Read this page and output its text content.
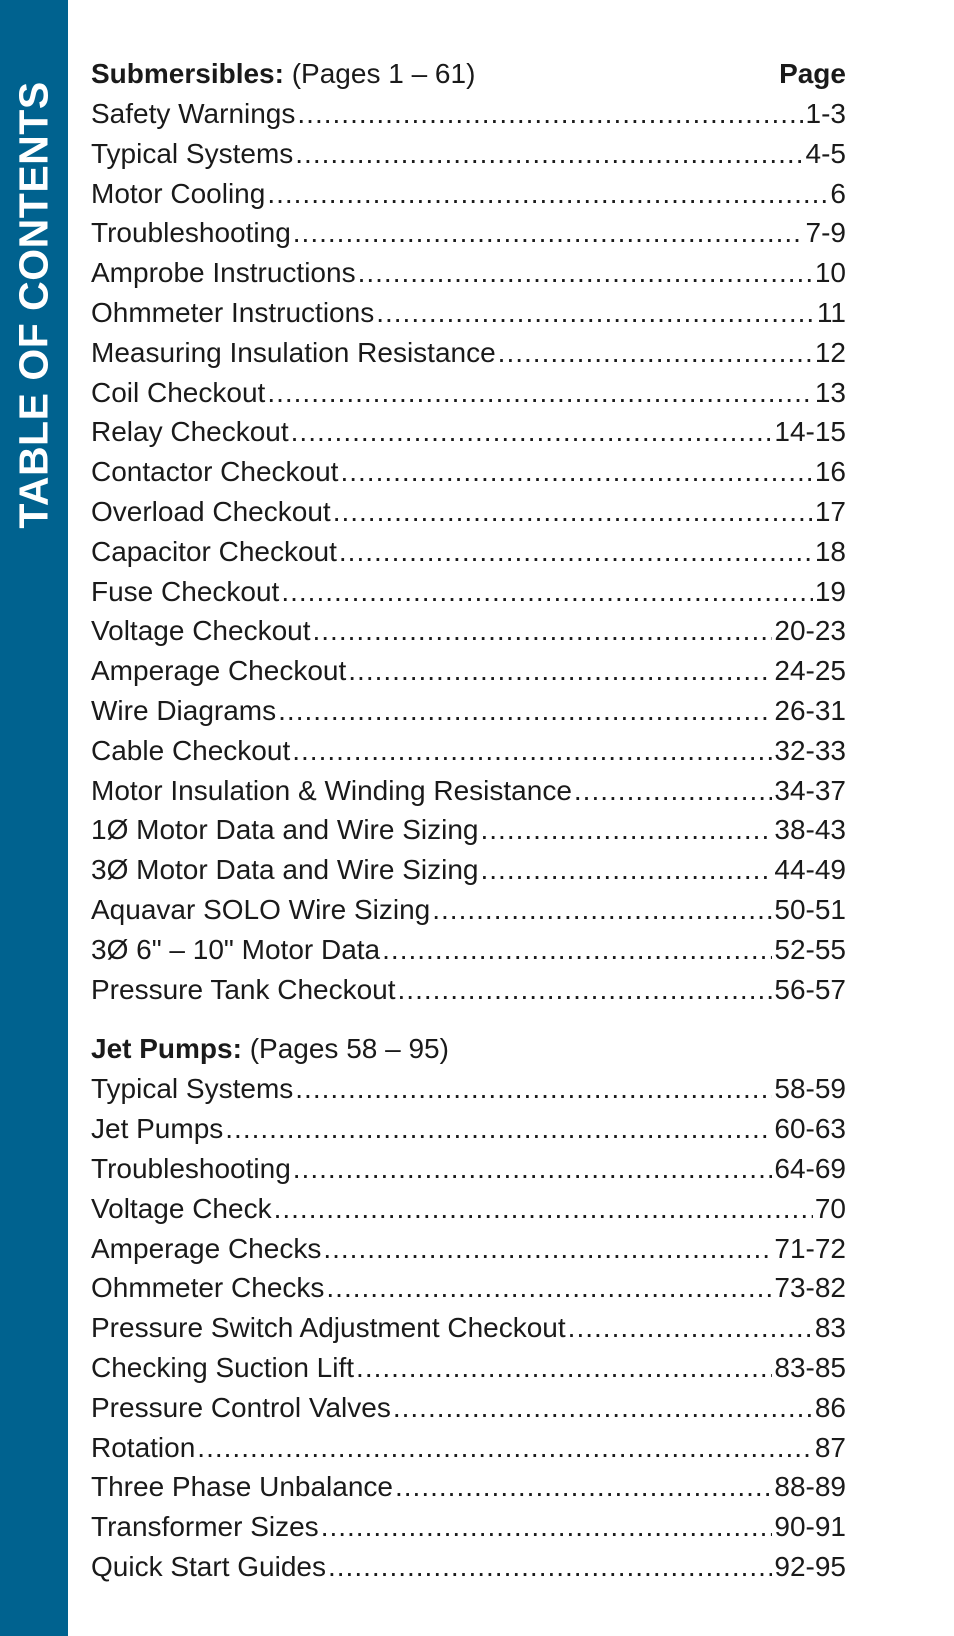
TABLE OF CONTENTS
Submersibles: (Pages 1 – 61)	Page
Safety Warnings .....	1-3
Typical Systems .....	4-5
Motor Cooling .....	6
Troubleshooting .....	7-9
Amprobe Instructions .....	10
Ohmmeter Instructions .....	11
Measuring Insulation Resistance .....	12
Coil Checkout .....	13
Relay Checkout .....	14-15
Contactor Checkout .....	16
Overload Checkout .....	17
Capacitor Checkout .....	18
Fuse Checkout .....	19
Voltage Checkout .....	20-23
Amperage Checkout .....	24-25
Wire Diagrams .....	26-31
Cable Checkout .....	32-33
Motor Insulation & Winding Resistance .....	34-37
1Ø Motor Data and Wire Sizing .....	38-43
3Ø Motor Data and Wire Sizing .....	44-49
Aquavar SOLO Wire Sizing .....	50-51
3Ø 6" – 10" Motor Data .....	52-55
Pressure Tank Checkout .....	56-57
Jet Pumps: (Pages 58 – 95)
Typical Systems .....	58-59
Jet Pumps .....	60-63
Troubleshooting .....	64-69
Voltage Check .....	70
Amperage Checks .....	71-72
Ohmmeter Checks .....	73-82
Pressure Switch Adjustment Checkout .....	83
Checking Suction Lift .....	83-85
Pressure Control Valves .....	86
Rotation .....	87
Three Phase Unbalance .....	88-89
Transformer Sizes .....	90-91
Quick Start Guides .....	92-95
